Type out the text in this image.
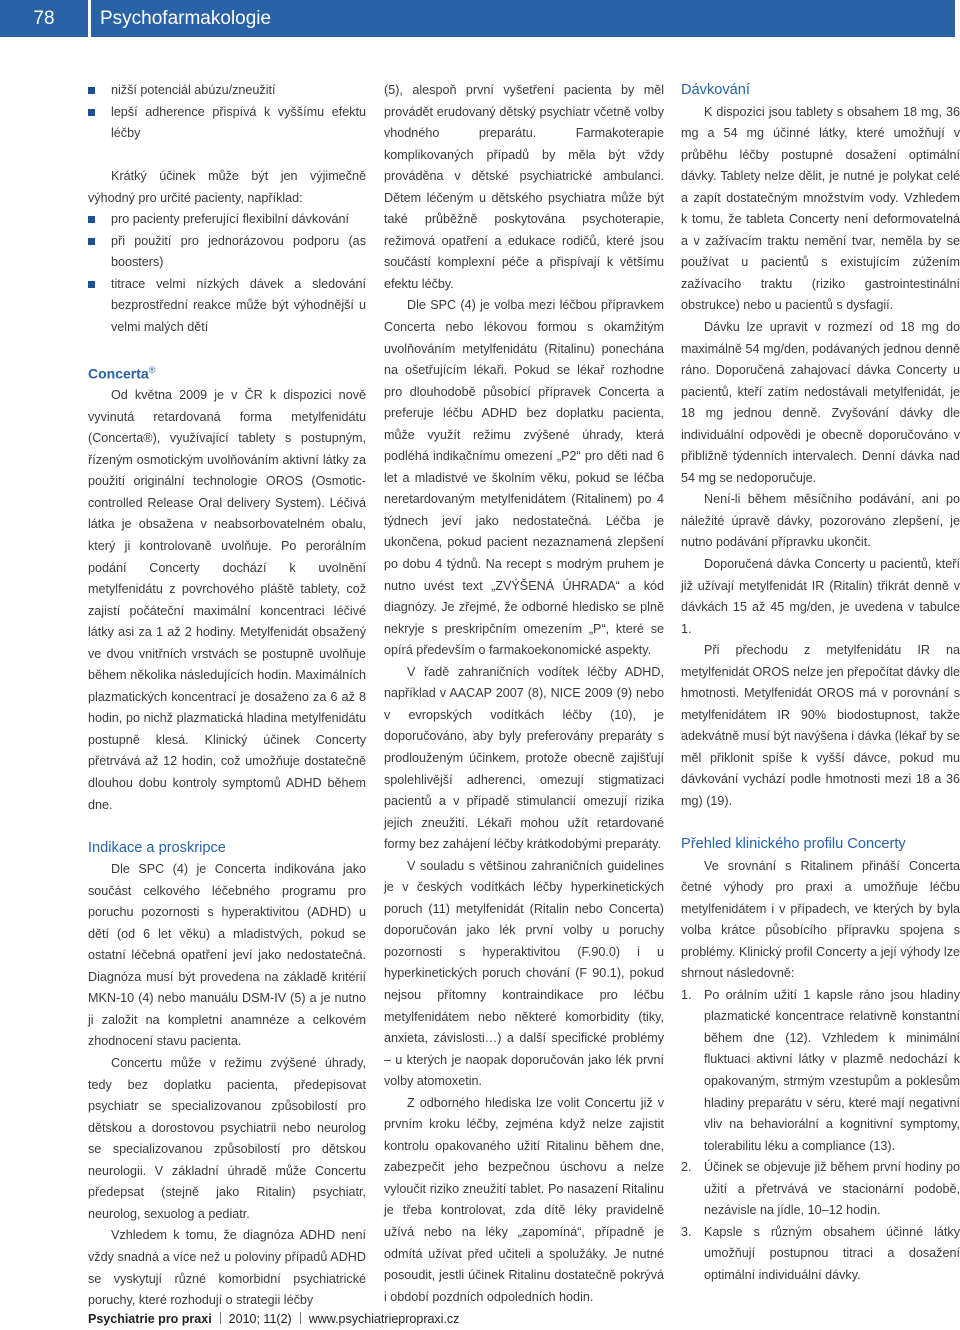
78	Psychofarmakologie
nižší potenciál abúzu/zneužití
lepší adherence přispívá k vyššímu efektu léčby

Krátký účinek může být jen výjimečně výhodný pro určité pacienty, například:

pro pacienty preferující flexibilní dávkování
při použití pro jednorázovou podporu (as boosters)
titrace velmi nízkých dávek a sledování bezprostřední reakce může být výhodnější u velmi malých dětí
Concerta®

Od května 2009 je v ČR k dispozici nově vyvinutá retardovaná forma metylfenidátu (Concerta®), využívající tablety s postupným, řízeným osmotickým uvolňováním aktivní látky za použití originální technologie OROS (Osmotic-controlled Release Oral delivery System). Léčivá látka je obsažena v neabsorbovatelném obalu, který ji kontrolovaně uvolňuje. Po perorálním podání Concerty dochází k uvolnění metylfenidátu z povrchového pláště tablety, což zajistí počáteční maximální koncentraci léčivé látky asi za 1 až 2 hodiny. Metylfenidát obsažený ve dvou vnitřních vrstvách se postupně uvolňuje během několika následujících hodin. Maximálních plazmatických koncentrací je dosaženo za 6 až 8 hodin, po nichž plazmatická hladina metylfenidátu postupně klesá. Klinický účinek Concerty přetrvává až 12 hodin, což umožňuje dostatečně dlouhou dobu kontroly symptomů ADHD během dne.

Indikace a proskripce

Dle SPC (4) je Concerta indikována jako součást celkového léčebného programu pro poruchu pozornosti s hyperaktivitou (ADHD) u dětí (od 6 let věku) a mladistvých, pokud se ostatní léčebná opatření jeví jako nedostatečná. Diagnóza musí být provedena na základě kritérií MKN-10 (4) nebo manuálu DSM-IV (5) a je nutno ji založit na kompletní anamnéze a celkovém zhodnocení stavu pacienta.

Concertu může v režimu zvýšené úhrady, tedy bez doplatku pacienta, předepisovat psychiatr se specializovanou způsobilostí pro dětskou a dorostovou psychiatrii nebo neurolog se specializovanou způsobilostí pro dětskou neurologii. V základní úhradě může Concertu předepsat (stejně jako Ritalin) psychiatr, neurolog, sexuolog a pediatr.

Vzhledem k tomu, že diagnóza ADHD není vždy snadná a více než u poloviny případů ADHD se vyskytují různé komorbidní psychiatrické poruchy, které rozhodují o strategii léčby

(5), alespoň první vyšetření pacienta by měl provádět erudovaný dětský psychiatr včetně volby vhodného preparátu. Farmakoterapie komplikovaných případů by měla být vždy prováděna v dětské psychiatrické ambulanci. Dětem léčeným u dětského psychiatra může být také průběžně poskytována psychoterapie, režimová opatření a edukace rodičů, které jsou součástí komplexní péče a přispívají k většímu efektu léčby.

Dle SPC (4) je volba mezi léčbou přípravkem Concerta nebo lékovou formou s okamžitým uvolňováním metylfenidátu (Ritalinu) ponechána na ošetřujícím lékaři. Pokud se lékař rozhodne pro dlouhodobě působící přípravek Concerta a preferuje léčbu ADHD bez doplatku pacienta, může využít režimu zvýšené úhrady, která podléhá indikačnímu omezení „P2“ pro děti nad 6 let a mladistvé ve školním věku, pokud se léčba neretardovaným metylfenidátem (Ritalinem) po 4 týdnech jeví jako nedostatečná. Léčba je ukončena, pokud pacient nezaznamená zlepšení po dobu 4 týdnů. Na recept s modrým pruhem je nutno uvést text „ZVÝŠENÁ ÚHRADA“ a kód diagnózy. Je zřejmé, že odborné hledisko se plně nekryje s preskripčním omezením „P“, které se opírá především o farmakoekonomické aspekty.

V řadě zahraničních vodítek léčby ADHD, například v AACAP 2007 (8), NICE 2009 (9) nebo v evropských vodítkách léčby (10), je doporučováno, aby byly preferovány preparáty s prodlouženým účinkem, protože obecně zajišťují spolehlivější adherenci, omezují stigmatizaci pacientů a v případě stimulancií omezují rizika jejich zneužití. Lékaři mohou užít retardované formy bez zahájení léčby krátkodobými preparáty.

V souladu s většinou zahraničních guidelines je v českých vodítkách léčby hyperkinetických poruch (11) metylfenidát (Ritalin nebo Concerta) doporučován jako lék první volby u poruchy pozornosti s hyperaktivitou (F.90.0) i u hyperkinetických poruch chování (F 90.1), pokud nejsou přítomny kontraindikace pro léčbu metylfenidátem nebo některé komorbidity (tiky, anxieta, závislosti…) a další specifické problémy – u kterých je naopak doporučován jako lék první volby atomoxetin.

Z odborného hlediska lze volit Concertu již v prvním kroku léčby, zejména když nelze zajistit kontrolu opakovaného užití Ritalinu během dne, zabezpečit jeho bezpečnou úschovu a nelze vyloučit riziko zneužití tablet. Po nasazení Ritalinu je třeba kontrolovat, zda dítě léky pravidelně užívá nebo na léky „zapomíná“, případně je odmítá užívat před učiteli a spolužáky. Je nutné posoudit, jestli účinek Ritalinu dostatečně pokrývá i období pozdních odpoledních hodin.

Dávkování

K dispozici jsou tablety s obsahem 18 mg, 36 mg a 54 mg účinné látky, které umožňují v průběhu léčby postupné dosažení optimální dávky. Tablety nelze dělit, je nutné je polykat celé a zapít dostatečným množstvím vody. Vzhledem k tomu, že tableta Concerty není deformovatelná a v zažívacím traktu nemění tvar, neměla by se používat u pacientů s existujícím zúžením zažívacího traktu (riziko gastrointestinální obstrukce) nebo u pacientů s dysfagií.

Dávku lze upravit v rozmezí od 18 mg do maximálně 54 mg/den, podávaných jednou denně ráno. Doporučená zahajovací dávka Concerty u pacientů, kteří zatím nedostávali metylfenidát, je 18 mg jednou denně. Zvyšování dávky dle individuální odpovědi je obecně doporučováno v přibližně týdenních intervalech. Denní dávka nad 54 mg se nedoporučuje.

Není-li během měsíčního podávání, ani po náležité úpravě dávky, pozorováno zlepšení, je nutno podávání přípravku ukončit.

Doporučená dávka Concerty u pacientů, kteří již užívají metylfenidát IR (Ritalin) třikrát denně v dávkách 15 až 45 mg/den, je uvedena v tabulce 1.

Při přechodu z metylfenidátu IR na metylfenidát OROS nelze jen přepočítat dávky dle hmotnosti. Metylfenidát OROS má v porovnání s metylfenidátem IR 90% biodostupnost, takže adekvátně musí být navýšena i dávka (lékař by se měl přiklonit spíše k vyšší dávce, pokud mu dávkování vychází podle hmotnosti mezi 18 a 36 mg) (19).

Přehled klinického profilu Concerty

Ve srovnání s Ritalinem přináší Concerta četné výhody pro praxi a umožňuje léčbu metylfenidátem i v případech, ve kterých by byla volba krátce působícího přípravku spojena s problémy. Klinický profil Concerty a její výhody lze shrnout následovně:

1. Po orálním užití 1 kapsle ráno jsou hladiny plazmatické koncentrace relativně konstantní během dne (12). Vzhledem k minimální fluktuaci aktivní látky v plazmě nedochází k opakovaným, strmým vzestupům a poklesům hladiny preparátu v séru, které mají negativní vliv na behaviorální a kognitivní symptomy, tolerabilitu léku a compliance (13).
2. Účinek se objevuje již během první hodiny po užití a přetrvává ve stacionární podobě, nezávisle na jídle, 10–12 hodin.
3. Kapsle s různým obsahem účinné látky umožňují postupnou titraci a dosažení optimální individuální dávky.
Psychiatrie pro praxi 2010; 11(2) www.psychiatriepropraxi.cz
